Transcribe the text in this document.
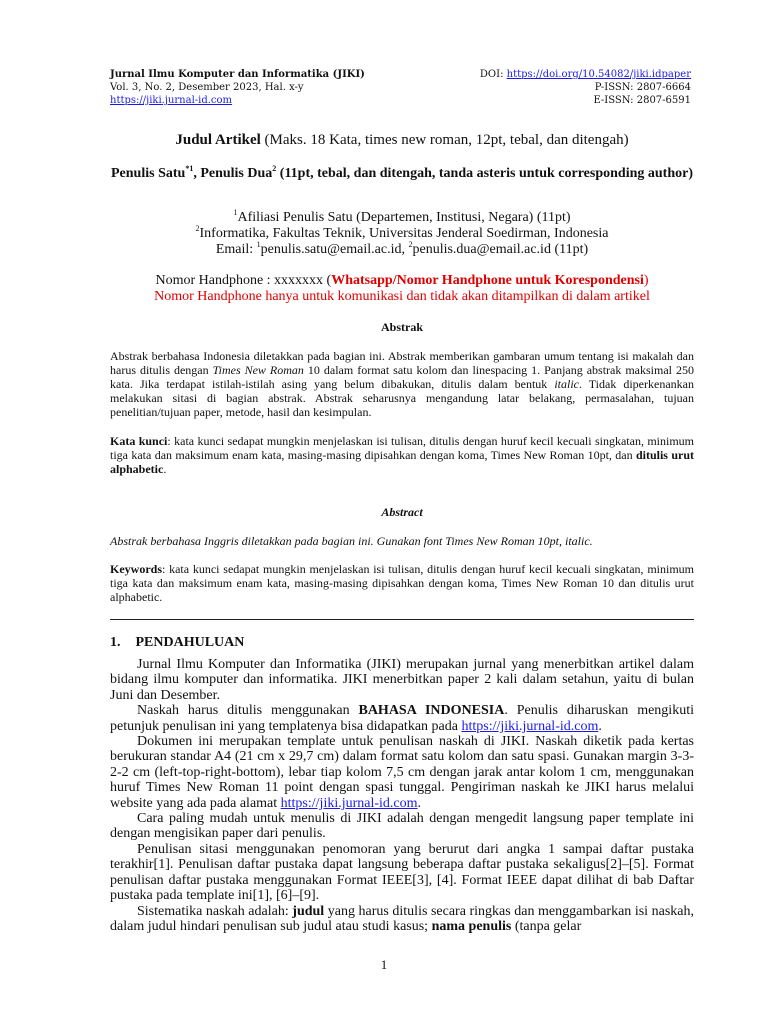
Jurnal Ilmu Komputer dan Informatika (JIKI)
Vol. 3, No. 2, Desember 2023, Hal. x-y
https://jiki.jurnal-id.com
DOI: https://doi.org/10.54082/jiki.idpaper
P-ISSN: 2807-6664
E-ISSN: 2807-6591
Judul Artikel (Maks. 18 Kata, times new roman, 12pt, tebal, dan ditengah)
Penulis Satu$^{*1}$, Penulis Dua$^2$ (11pt, tebal, dan ditengah, tanda asteris untuk corresponding author)
$^1$Afiliasi Penulis Satu (Departemen, Institusi, Negara) (11pt)
$^2$Informatika, Fakultas Teknik, Universitas Jenderal Soedirman, Indonesia
Email: $^1$penulis.satu@email.ac.id, $^2$penulis.dua@email.ac.id (11pt)
Nomor Handphone : xxxxxxx (Whatsapp/Nomor Handphone untuk Korespondensi)
Nomor Handphone hanya untuk komunikasi dan tidak akan ditampilkan di dalam artikel
Abstrak
Abstrak berbahasa Indonesia diletakkan pada bagian ini. Abstrak memberikan gambaran umum tentang isi makalah dan harus ditulis dengan Times New Roman 10 dalam format satu kolom dan linespacing 1. Panjang abstrak maksimal 250 kata. Jika terdapat istilah-istilah asing yang belum dibakukan, ditulis dalam bentuk italic. Tidak diperkenankan melakukan sitasi di bagian abstrak. Abstrak seharusnya mengandung latar belakang, permasalahan, tujuan penelitian/tujuan paper, metode, hasil dan kesimpulan.
Kata kunci: kata kunci sedapat mungkin menjelaskan isi tulisan, ditulis dengan huruf kecil kecuali singkatan, minimum tiga kata dan maksimum enam kata, masing-masing dipisahkan dengan koma, Times New Roman 10pt, dan ditulis urut alphabetic.
Abstract
Abstrak berbahasa Inggris diletakkan pada bagian ini. Gunakan font Times New Roman 10pt, italic.
Keywords: kata kunci sedapat mungkin menjelaskan isi tulisan, ditulis dengan huruf kecil kecuali singkatan, minimum tiga kata dan maksimum enam kata, masing-masing dipisahkan dengan koma, Times New Roman 10 dan ditulis urut alphabetic.
1. PENDAHULUAN

Jurnal Ilmu Komputer dan Informatika (JIKI) merupakan jurnal yang menerbitkan artikel dalam bidang ilmu komputer dan informatika. JIKI menerbitkan paper 2 kali dalam setahun, yaitu di bulan Juni dan Desember.

Naskah harus ditulis menggunakan BAHASA INDONESIA. Penulis diharuskan mengikuti petunjuk penulisan ini yang templatenya bisa didapatkan pada https://jiki.jurnal-id.com.

Dokumen ini merupakan template untuk penulisan naskah di JIKI. Naskah diketik pada kertas berukuran standar A4 (21 cm x 29,7 cm) dalam format satu kolom dan satu spasi. Gunakan margin 3-3-2-2 cm (left-top-right-bottom), lebar tiap kolom 7,5 cm dengan jarak antar kolom 1 cm, menggunakan huruf Times New Roman 11 point dengan spasi tunggal. Pengiriman naskah ke JIKI harus melalui website yang ada pada alamat https://jiki.jurnal-id.com.

Cara paling mudah untuk menulis di JIKI adalah dengan mengedit langsung paper template ini dengan mengisikan paper dari penulis.

Penulisan sitasi menggunakan penomoran yang berurut dari angka 1 sampai daftar pustaka terakhir[1]. Penulisan daftar pustaka dapat langsung beberapa daftar pustaka sekaligus[2]–[5]. Format penulisan daftar pustaka menggunakan Format IEEE[3], [4]. Format IEEE dapat dilihat di bab Daftar pustaka pada template ini[1], [6]–[9].

Sistematika naskah adalah: judul yang harus ditulis secara ringkas dan menggambarkan isi naskah, dalam judul hindari penulisan sub judul atau studi kasus; nama penulis (tanpa gelar

1
